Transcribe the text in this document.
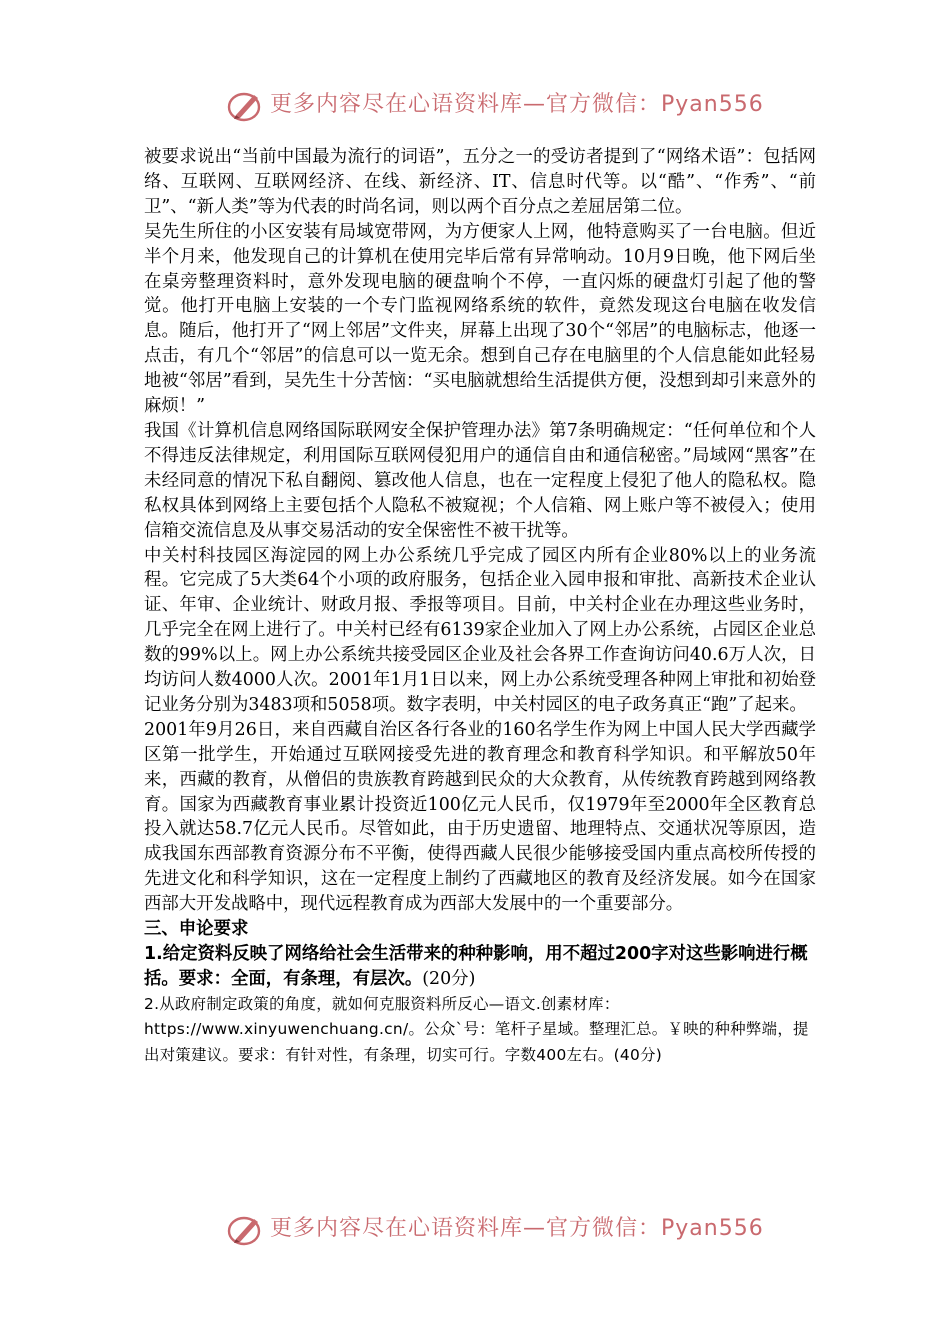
更多内容尽在心语资料库—官方微信：Pyan556

被要求说出“当前中国最为流行的词语”，五分之一的受访者提到了“网络术语”：包括网络、互联网、互联网经济、在线、新经济、IT、信息时代等。以“酷”、“作秀”、“前卫”、“新人类”等为代表的时尚名词，则以两个百分点之差屈居第二位。

吴先生所住的小区安装有局域宽带网，为方便家人上网，他特意购买了一台电脑。但近半个月来，他发现自己的计算机在使用完毕后常有异常响动。10月9日晚，他下网后坐在桌旁整理资料时，意外发现电脑的硬盘响个不停，一直闪烁的硬盘灯引起了他的警觉。他打开电脑上安装的一个专门监视网络系统的软件，竟然发现这台电脑在收发信息。随后，他打开了“网上邻居”文件夹，屏幕上出现了30个“邻居”的电脑标志，他逐一点击，有几个“邻居”的信息可以一览无余。想到自己存在电脑里的个人信息能如此轻易地被“邻居”看到，吴先生十分苦恼：“买电脑就想给生活提供方便，没想到却引来意外的麻烦！”

我国《计算机信息网络国际联网安全保护管理办法》第7条明确规定：“任何单位和个人不得违反法律规定，利用国际互联网侵犯用户的通信自由和通信秘密。”局域网“黑客”在未经同意的情况下私自翻阅、篡改他人信息，也在一定程度上侵犯了他人的隐私权。隐私权具体到网络上主要包括个人隐私不被窥视；个人信箱、网上账户等不被侵入；使用信箱交流信息及从事交易活动的安全保密性不被干扰等。

中关村科技园区海淀园的网上办公系统几乎完成了园区内所有企业80%以上的业务流程。它完成了5大类64个小项的政府服务，包括企业入园申报和审批、高新技术企业认证、年审、企业统计、财政月报、季报等项目。目前，中关村企业在办理这些业务时，几乎完全在网上进行了。中关村已经有6139家企业加入了网上办公系统，占园区企业总数的99%以上。网上办公系统共接受园区企业及社会各界工作查询访问40.6万人次，日均访问人数4000人次。2001年1月1日以来，网上办公系统受理各种网上审批和初始登记业务分别为3483项和5058项。数字表明，中关村园区的电子政务真正“跑”了起来。

2001年9月26日，来自西藏自治区各行各业的160名学生作为网上中国人民大学西藏学区第一批学生，开始通过互联网接受先进的教育理念和教育科学知识。和平解放50年来，西藏的教育，从僧侣的贵族教育跨越到民众的大众教育，从传统教育跨越到网络教育。国家为西藏教育事业累计投资近100亿元人民币，仅1979年至2000年全区教育总投入就达58.7亿元人民币。尽管如此，由于历史遗留、地理特点、交通状况等原因，造成我国东西部教育资源分布不平衡，使得西藏人民很少能够接受国内重点高校所传授的先进文化和科学知识，这在一定程度上制约了西藏地区的教育及经济发展。如今在国家西部大开发战略中，现代远程教育成为西部大发展中的一个重要部分。

三、申论要求

1.给定资料反映了网络给社会生活带来的种种影响，用不超过200字对这些影响进行概括。要求：全面，有条理，有层次。(20分)

2.从政府制定政策的角度，就如何克服资料所反心—语文.创素材库：https://www.xinyuwenchuang.cn/。公众`号：笔杆子星域。整理汇总。￥映的种种弊端，提出对策建议。要求：有针对性，有条理，切实可行。字数400左右。(40分)

更多内容尽在心语资料库—官方微信：Pyan556
